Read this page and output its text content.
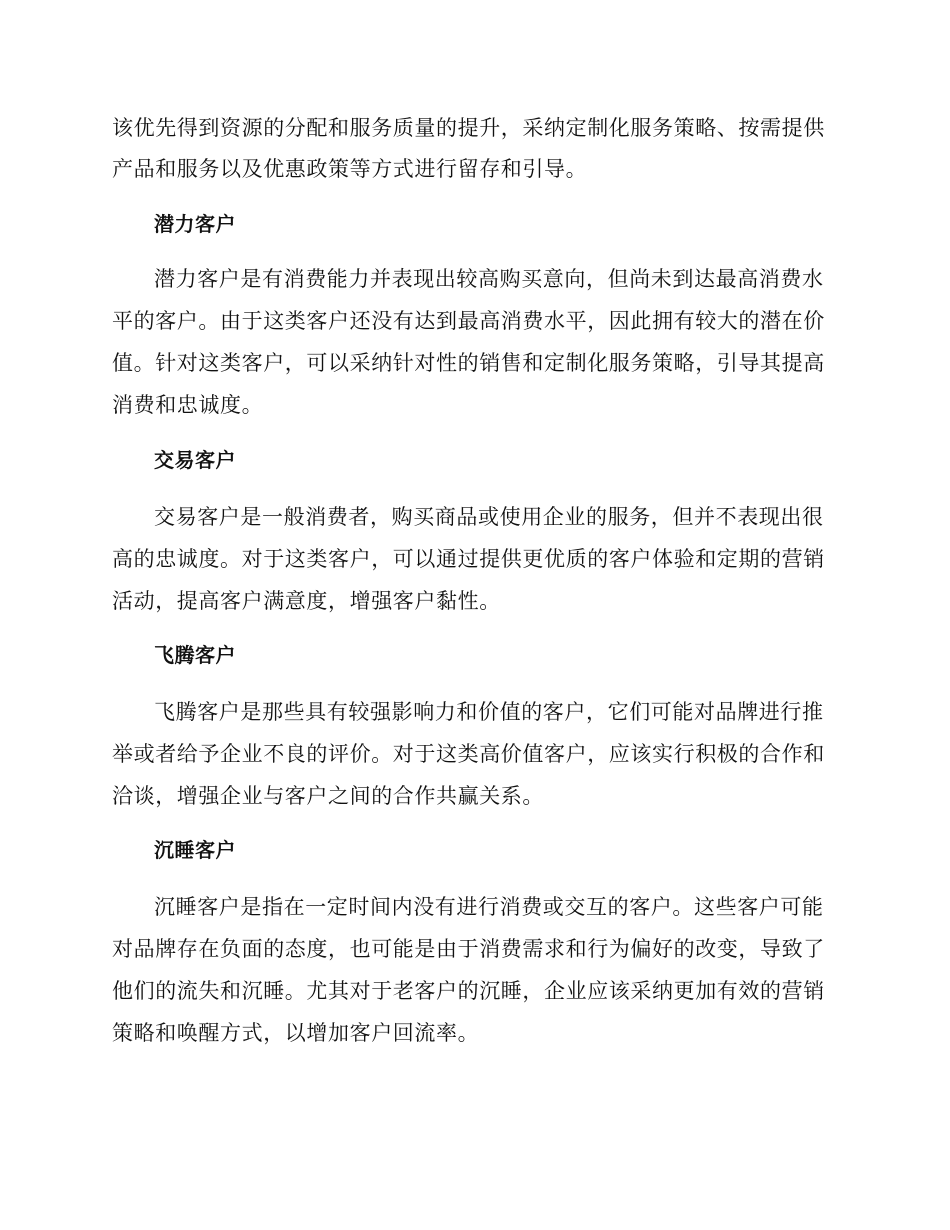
该优先得到资源的分配和服务质量的提升，采纳定制化服务策略、按需提供
产品和服务以及优惠政策等方式进行留存和引导。
潜力客户
潜力客户是有消费能力并表现出较高购买意向，但尚未到达最高消费水
平的客户。由于这类客户还没有达到最高消费水平，因此拥有较大的潜在价
值。针对这类客户，可以采纳针对性的销售和定制化服务策略，引导其提高
消费和忠诚度。
交易客户
交易客户是一般消费者，购买商品或使用企业的服务，但并不表现出很
高的忠诚度。对于这类客户，可以通过提供更优质的客户体验和定期的营销
活动，提高客户满意度，增强客户黏性。
飞腾客户
飞腾客户是那些具有较强影响力和价值的客户，它们可能对品牌进行推
举或者给予企业不良的评价。对于这类高价值客户，应该实行积极的合作和
洽谈，增强企业与客户之间的合作共赢关系。
沉睡客户
沉睡客户是指在一定时间内没有进行消费或交互的客户。这些客户可能
对品牌存在负面的态度，也可能是由于消费需求和行为偏好的改变，导致了
他们的流失和沉睡。尤其对于老客户的沉睡，企业应该采纳更加有效的营销
策略和唤醒方式，以增加客户回流率。
